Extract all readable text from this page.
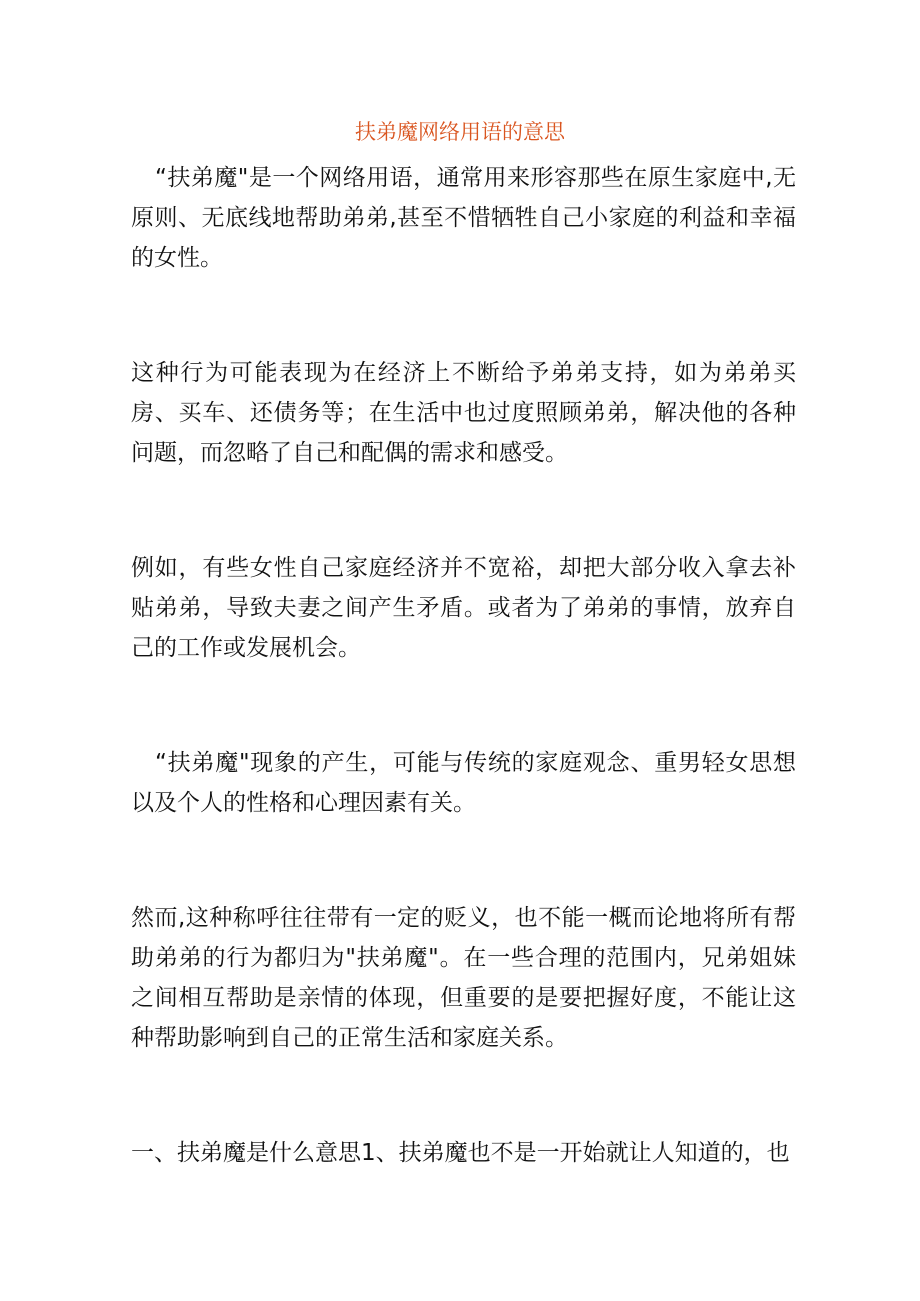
扶弟魔网络用语的意思

“扶弟魔"是一个网络用语，通常用来形容那些在原生家庭中,无原则、无底线地帮助弟弟,甚至不惜牺牲自己小家庭的利益和幸福的女性。

这种行为可能表现为在经济上不断给予弟弟支持，如为弟弟买房、买车、还债务等；在生活中也过度照顾弟弟，解决他的各种问题，而忽略了自己和配偶的需求和感受。

例如，有些女性自己家庭经济并不宽裕，却把大部分收入拿去补贴弟弟，导致夫妻之间产生矛盾。或者为了弟弟的事情，放弃自己的工作或发展机会。

“扶弟魔"现象的产生，可能与传统的家庭观念、重男轻女思想以及个人的性格和心理因素有关。

然而,这种称呼往往带有一定的贬义，也不能一概而论地将所有帮助弟弟的行为都归为"扶弟魔"。在一些合理的范围内，兄弟姐妹之间相互帮助是亲情的体现，但重要的是要把握好度，不能让这种帮助影响到自己的正常生活和家庭关系。

一、扶弟魔是什么意思1、扶弟魔也不是一开始就让人知道的，也
